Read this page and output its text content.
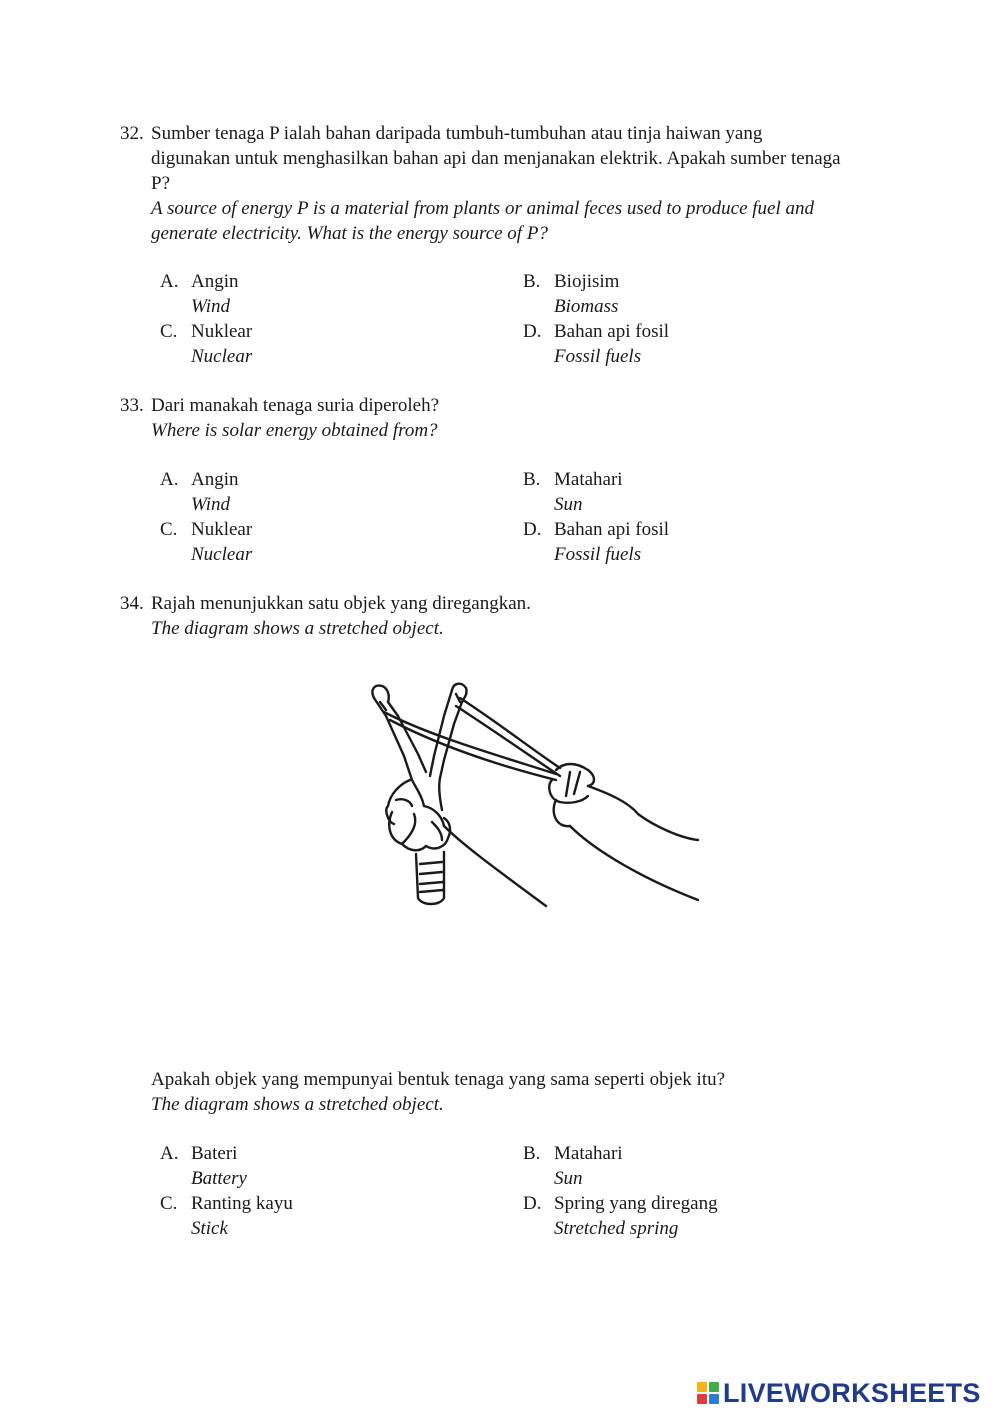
32. Sumber tenaga P ialah bahan daripada tumbuh-tumbuhan atau tinja haiwan yang digunakan untuk menghasilkan bahan api dan menjanakan elektrik. Apakah sumber tenaga P?
A source of energy P is a material from plants or animal feces used to produce fuel and generate electricity. What is the energy source of P?
A. Angin
Wind
B. Biojisim
Biomass
C. Nuklear
Nuclear
D. Bahan api fosil
Fossil fuels
33. Dari manakah tenaga suria diperoleh?
Where is solar energy obtained from?
A. Angin
Wind
B. Matahari
Sun
C. Nuklear
Nuclear
D. Bahan api fosil
Fossil fuels
34. Rajah menunjukkan satu objek yang diregangkan.
The diagram shows a stretched object.
Apakah objek yang mempunyai bentuk tenaga yang sama seperti objek itu?
The diagram shows a stretched object.
A. Bateri
Battery
B. Matahari
Sun
C. Ranting kayu
Stick
D. Spring yang diregang
Stretched spring
LIVEWORKSHEETS
